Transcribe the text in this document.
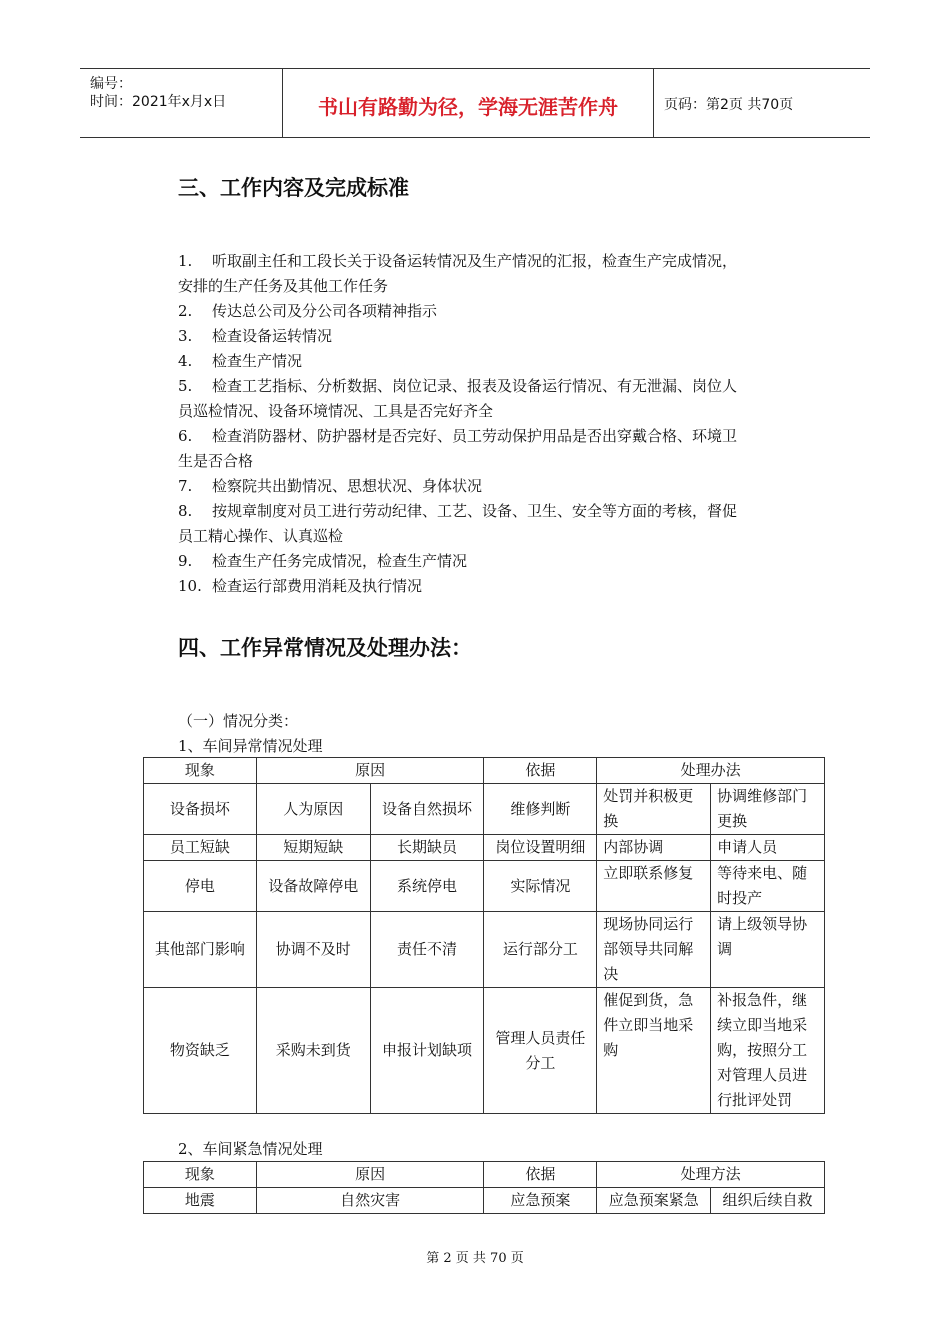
编号：
时间：2021年x月x日	书山有路勤为径，学海无涯苦作舟	页码：第2页 共70页
三、工作内容及完成标准
1. 听取副主任和工段长关于设备运转情况及生产情况的汇报，检查生产完成情况，
安排的生产任务及其他工作任务
2. 传达总公司及分公司各项精神指示
3. 检查设备运转情况
4. 检查生产情况
5. 检查工艺指标、分析数据、岗位记录、报表及设备运行情况、有无泄漏、岗位人
员巡检情况、设备环境情况、工具是否完好齐全
6. 检查消防器材、防护器材是否完好、员工劳动保护用品是否出穿戴合格、环境卫
生是否合格
7. 检察院共出勤情况、思想状况、身体状况
8. 按规章制度对员工进行劳动纪律、工艺、设备、卫生、安全等方面的考核，督促
员工精心操作、认真巡检
9. 检查生产任务完成情况，检查生产情况
10. 检查运行部费用消耗及执行情况
四、工作异常情况及处理办法：
（一）情况分类：
1、车间异常情况处理
现象	原因		依据	处理办法	
设备损坏	人为原因	设备自然损坏	维修判断	处罚并积极更换	协调维修部门更换
员工短缺	短期短缺	长期缺员	岗位设置明细	内部协调	申请人员
停电	设备故障停电	系统停电	实际情况	立即联系修复	等待来电、随时投产
其他部门影响	协调不及时	责任不清	运行部分工	现场协同运行部领导共同解决	请上级领导协调
物资缺乏	采购未到货	申报计划缺项	管理人员责任分工	催促到货，急件立即当地采购	补报急件，继续立即当地采购，按照分工对管理人员进行批评处罚
2、车间紧急情况处理
现象	原因	依据	处理方法	
地震	自然灾害	应急预案	应急预案紧急	组织后续自救
第 2 页 共 70 页
